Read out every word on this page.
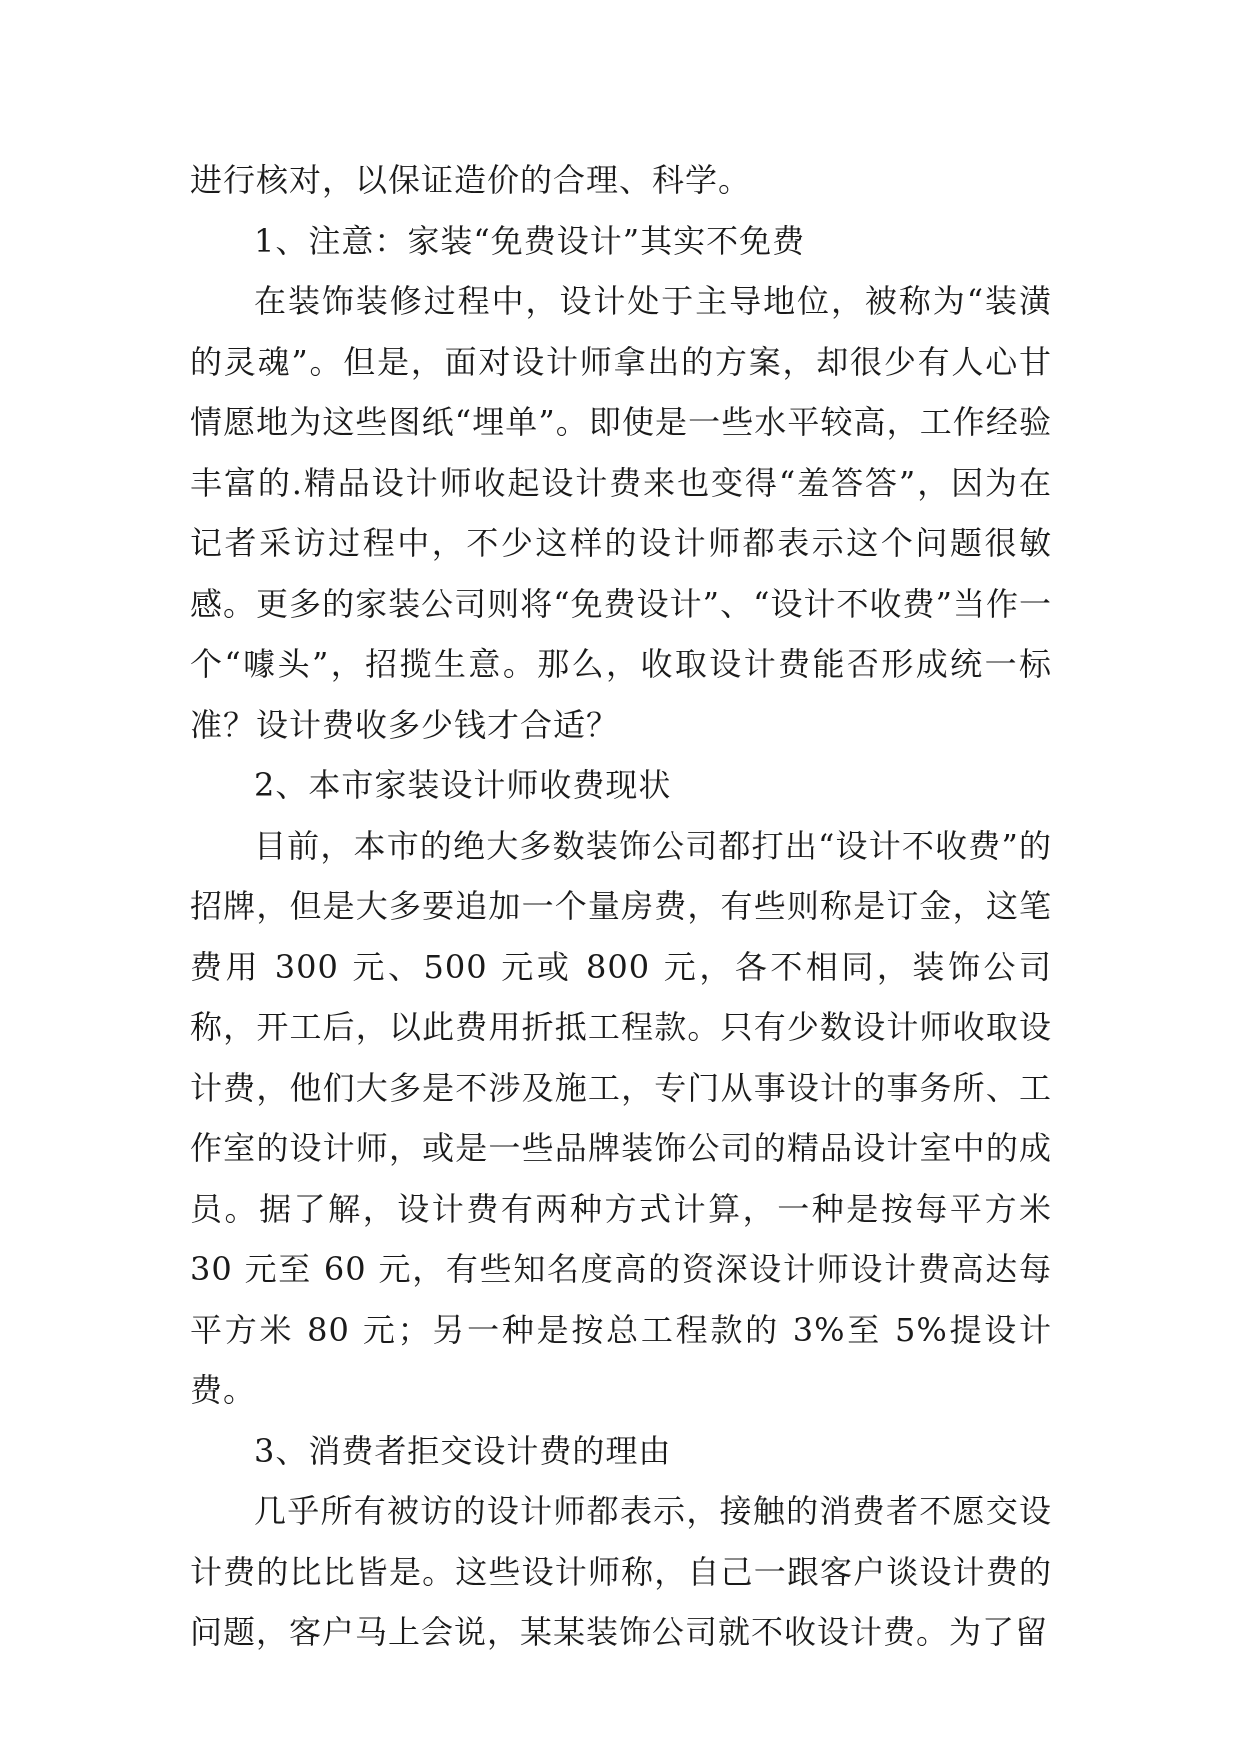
进行核对，以保证造价的合理、科学。

1、注意：家装“免费设计”其实不免费

在装饰装修过程中，设计处于主导地位，被称为“装潢的灵魂”。但是，面对设计师拿出的方案，却很少有人心甘情愿地为这些图纸“埋单”。即使是一些水平较高，工作经验丰富的.精品设计师收起设计费来也变得“羞答答”，因为在记者采访过程中，不少这样的设计师都表示这个问题很敏感。更多的家装公司则将“免费设计”、“设计不收费”当作一个“噱头”，招揽生意。那么，收取设计费能否形成统一标准？设计费收多少钱才合适？

2、本市家装设计师收费现状

目前，本市的绝大多数装饰公司都打出“设计不收费”的招牌，但是大多要追加一个量房费，有些则称是订金，这笔费用 300 元、500 元或 800 元，各不相同，装饰公司称，开工后，以此费用折抵工程款。只有少数设计师收取设计费，他们大多是不涉及施工，专门从事设计的事务所、工作室的设计师，或是一些品牌装饰公司的精品设计室中的成员。据了解，设计费有两种方式计算，一种是按每平方米 30 元至 60 元，有些知名度高的资深设计师设计费高达每平方米 80 元；另一种是按总工程款的 3%至 5%提设计费。

3、消费者拒交设计费的理由

几乎所有被访的设计师都表示，接触的消费者不愿交设计费的比比皆是。这些设计师称，自己一跟客户谈设计费的问题，客户马上会说，某某装饰公司就不收设计费。为了留
